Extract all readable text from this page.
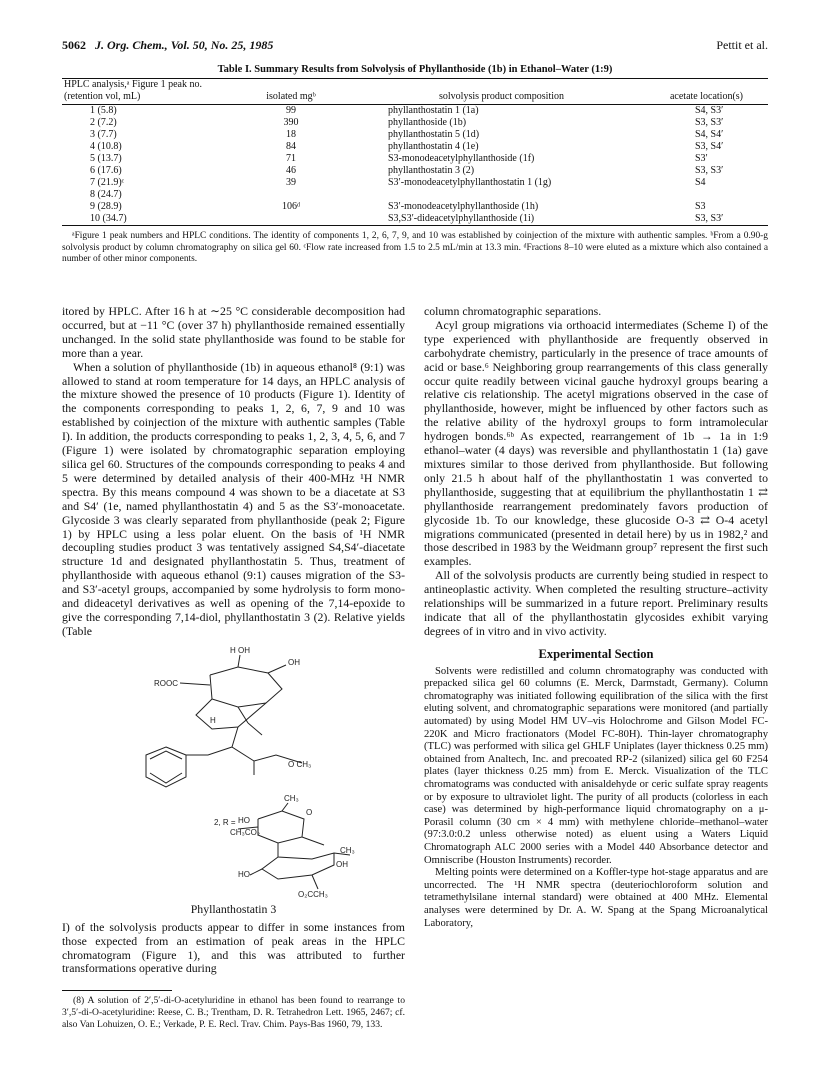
5062 J. Org. Chem., Vol. 50, No. 25, 1985	Pettit et al.
Table I. Summary Results from Solvolysis of Phyllanthoside (1b) in Ethanol–Water (1:9)
HPLC analysis,ᵃ Figure 1 peak no. (retention vol, mL)	isolated mgᵇ	solvolysis product composition	acetate location(s)
1 (5.8)	99	phyllanthostatin 1 (1a)	S4, S3′
2 (7.2)	390	phyllanthoside (1b)	S3, S3′
3 (7.7)	18	phyllanthostatin 5 (1d)	S4, S4′
4 (10.8)	84	phyllanthostatin 4 (1e)	S3, S4′
5 (13.7)	71	S3-monodeacetylphyllanthoside (1f)	S3′
6 (17.6)	46	phyllanthostatin 3 (2)	S3, S3′
7 (21.9)ᶜ	39	S3′-monodeacetylphyllanthostatin 1 (1g)	S4
8 (24.7)			
9 (28.9)	106ᵈ	S3′-monodeacetylphyllanthoside (1h)	S3
10 (34.7)		S3,S3′-dideacetylphyllanthoside (1i)	S3, S3′
ᵃFigure 1 peak numbers and HPLC conditions. The identity of components 1, 2, 6, 7, 9, and 10 was established by coinjection of the mixture with authentic samples. ᵇFrom a 0.90-g solvolysis product by column chromatography on silica gel 60. ᶜFlow rate increased from 1.5 to 2.5 mL/min at 13.3 min. ᵈFractions 8–10 were eluted as a mixture which also contained a number of other minor components.

itored by HPLC. After 16 h at ∼25 °C considerable decomposition had occurred, but at −11 °C (over 37 h) phyllanthoside remained essentially unchanged. In the solid state phyllanthoside was found to be stable for more than a year.

When a solution of phyllanthoside (1b) in aqueous ethanol⁸ (9:1) was allowed to stand at room temperature for 14 days, an HPLC analysis of the mixture showed the presence of 10 products (Figure 1). Identity of the components corresponding to peaks 1, 2, 6, 7, 9 and 10 was established by coinjection of the mixture with authentic samples (Table I). In addition, the products corresponding to peaks 1, 2, 3, 4, 5, 6, and 7 (Figure 1) were isolated by chromatographic separation employing silica gel 60. Structures of the compounds corresponding to peaks 4 and 5 were determined by detailed analysis of their 400-MHz ¹H NMR spectra. By this means compound 4 was shown to be a diacetate at S3 and S4′ (1e, named phyllanthostatin 4) and 5 as the S3′-monoacetate. Glycoside 3 was clearly separated from phyllanthoside (peak 2; Figure 1) by HPLC using a less polar eluent. On the basis of ¹H NMR decoupling studies product 3 was tentatively assigned S4,S4′-diacetate structure 1d and designated phyllanthostatin 5. Thus, treatment of phyllanthoside with aqueous ethanol (9:1) causes migration of the S3- and S3′-acetyl groups, accompanied by some hydrolysis to form mono- and dideacetyl derivatives as well as opening of the 7,14-epoxide to give the corresponding 7,14-diol, phyllanthostatin 3 (2). Relative yields (Table

H OH
OH
ROOC
H
O CH₃
2, R = HO
CH₃CO₂
CH₃
O
CH₃
OH
HO
O₂CCH₃
Phyllanthostatin 3

I) of the solvolysis products appear to differ in some instances from those expected from an estimation of peak areas in the HPLC chromatogram (Figure 1), and this was attributed to further transformations operative during

(8) A solution of 2′,5′-di-O-acetyluridine in ethanol has been found to rearrange to 3′,5′-di-O-acetyluridine: Reese, C. B.; Trentham, D. R. Tetrahedron Lett. 1965, 2467; cf. also Van Lohuizen, O. E.; Verkade, P. E. Recl. Trav. Chim. Pays-Bas 1960, 79, 133.

column chromatographic separations.

Acyl group migrations via orthoacid intermediates (Scheme I) of the type experienced with phyllanthoside are frequently observed in carbohydrate chemistry, particularly in the presence of trace amounts of acid or base.⁶ Neighboring group rearrangements of this class generally occur quite readily between vicinal gauche hydroxyl groups bearing a relative cis relationship. The acetyl migrations observed in the case of phyllanthoside, however, might be influenced by other factors such as the relative ability of the hydroxyl groups to form intramolecular hydrogen bonds.⁶ᵇ As expected, rearrangement of 1b → 1a in 1:9 ethanol–water (4 days) was reversible and phyllanthostatin 1 (1a) gave mixtures similar to those derived from phyllanthoside. But following only 21.5 h about half of the phyllanthostatin 1 was converted to phyllanthoside, suggesting that at equilibrium the phyllanthostatin 1 ⇄ phyllanthoside rearrangement predominately favors production of glycoside 1b. To our knowledge, these glucoside O-3 ⇄ O-4 acetyl migrations communicated (presented in detail here) by us in 1982,² and those described in 1983 by the Weidmann group⁷ represent the first such examples.

All of the solvolysis products are currently being studied in respect to antineoplastic activity. When completed the resulting structure–activity relationships will be summarized in a future report. Preliminary results indicate that all of the phyllanthostatin glycosides exhibit varying degrees of in vitro and in vivo activity.

Experimental Section

Solvents were redistilled and column chromatography was conducted with prepacked silica gel 60 columns (E. Merck, Darmstadt, Germany). Column chromatography was initiated following equilibration of the silica with the first eluting solvent, and chromatographic separations were monitored (and partially automated) by using Model HM UV–vis Holochrome and Gilson Model FC-220K and Micro fractionators (Model FC-80H). Thin-layer chromatography (TLC) was performed with silica gel GHLF Uniplates (layer thickness 0.25 mm) obtained from Analtech, Inc. and precoated RP-2 (silanized) silica gel 60 F254 plates (layer thickness 0.25 mm) from E. Merck. Visualization of the TLC chromatograms was conducted with anisaldehyde or ceric sulfate spray reagents or by exposure to ultraviolet light. The purity of all products (colorless in each case) was determined by high-performance liquid chromatography on a μ-Porasil column (30 cm × 4 mm) with methylene chloride–methanol–water (97:3.0:0.2 unless otherwise noted) as eluent using a Waters Liquid Chromatograph ALC 2000 series with a Model 440 Absorbance detector and Omniscribe (Houston Instruments) recorder.

Melting points were determined on a Koffler-type hot-stage apparatus and are uncorrected. The ¹H NMR spectra (deuteriochloroform solution and tetramethylsilane internal standard) were obtained at 400 MHz. Elemental analyses were determined by Dr. A. W. Spang at the Spang Microanalytical Laboratory,
